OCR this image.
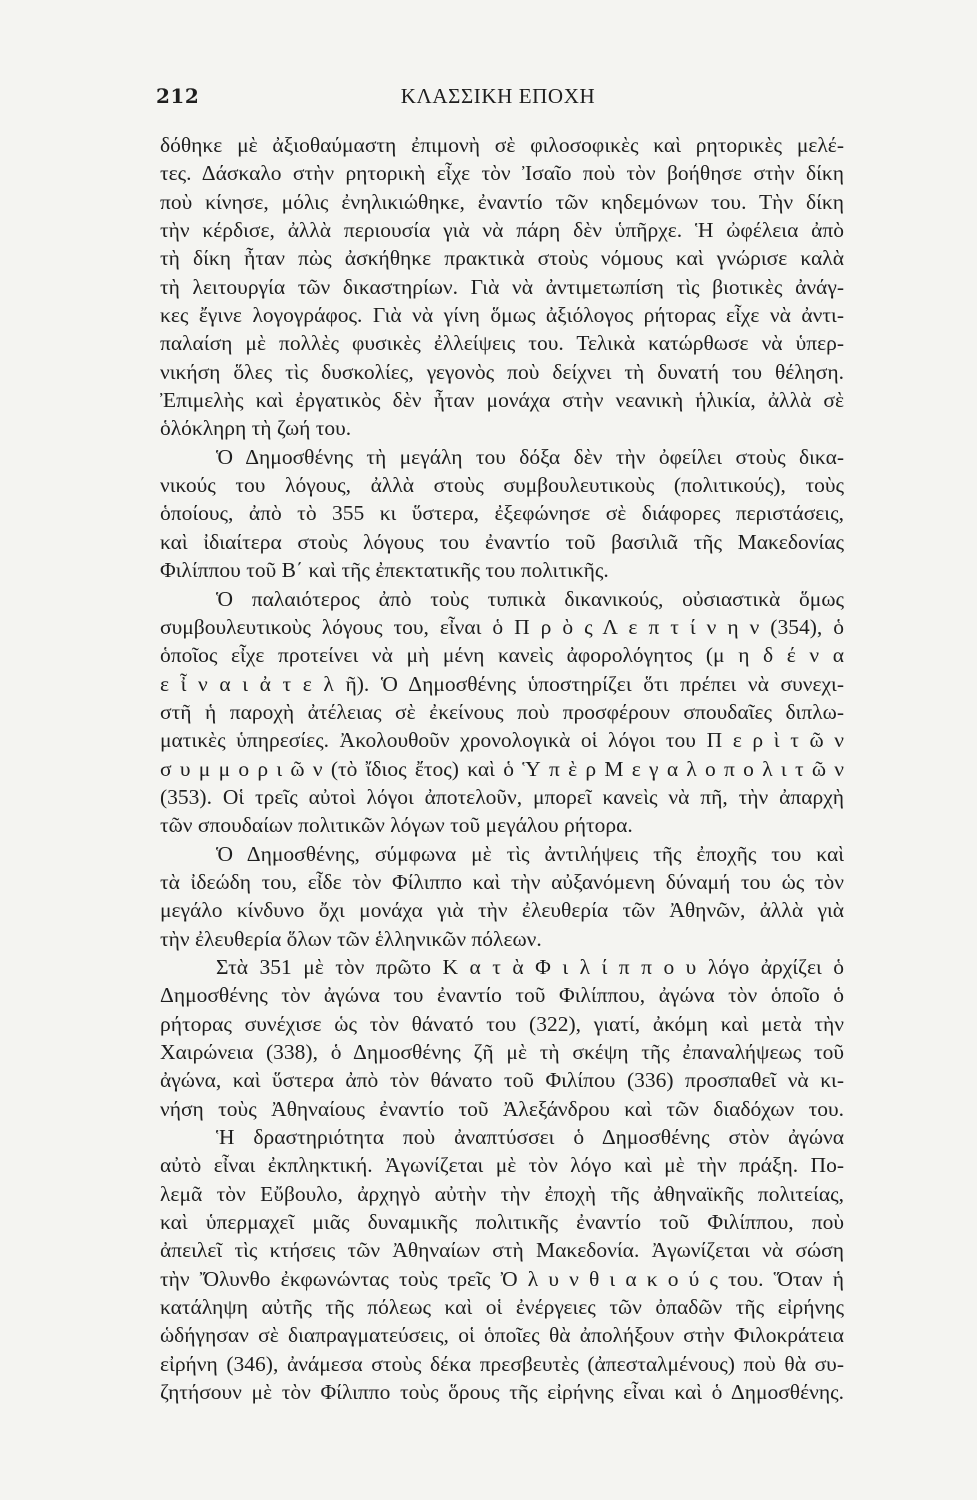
212	ΚΛΑΣΣΙΚΗ ΕΠΟΧΗ
δόθηκε μὲ ἀξιοθαύμαστη ἐπιμονὴ σὲ φιλοσοφικὲς καὶ ρητορικὲς μελέ-
τες. Δάσκαλο στὴν ρητορικὴ εἶχε τὸν Ἰσαῖο ποὺ τὸν βοήθησε στὴν δίκη
ποὺ κίνησε, μόλις ἐνηλικιώθηκε, ἐναντίο τῶν κηδεμόνων του. Τὴν δίκη
τὴν κέρδισε, ἀλλὰ περιουσία γιὰ νὰ πάρη δὲν ὑπῆρχε. Ἡ ὠφέλεια ἀπὸ
τὴ δίκη ἦταν πὼς ἀσκήθηκε πρακτικὰ στοὺς νόμους καὶ γνώρισε καλὰ
τὴ λειτουργία τῶν δικαστηρίων. Γιὰ νὰ ἀντιμετωπίση τὶς βιοτικὲς ἀνάγ-
κες ἔγινε λογογράφος. Γιὰ νὰ γίνη ὅμως ἀξιόλογος ρήτορας εἶχε νὰ ἀντι-
παλαίση μὲ πολλὲς φυσικὲς ἐλλείψεις του. Τελικὰ κατώρθωσε νὰ ὑπερ-
νικήση ὅλες τὶς δυσκολίες, γεγονὸς ποὺ δείχνει τὴ δυνατή του θέληση.
Ἐπιμελὴς καὶ ἐργατικὸς δὲν ἦταν μονάχα στὴν νεανικὴ ἡλικία, ἀλλὰ σὲ
ὁλόκληρη τὴ ζωή του.
Ὁ Δημοσθένης τὴ μεγάλη του δόξα δὲν τὴν ὀφείλει στοὺς δικα-
νικούς του λόγους, ἀλλὰ στοὺς συμβουλευτικοὺς (πολιτικούς), τοὺς
ὁποίους, ἀπὸ τὸ 355 κι ὕστερα, ἐξεφώνησε σὲ διάφορες περιστάσεις,
καὶ ἰδιαίτερα στοὺς λόγους του ἐναντίο τοῦ βασιλιᾶ τῆς Μακεδονίας
Φιλίππου τοῦ Β΄ καὶ τῆς ἐπεκτατικῆς του πολιτικῆς.
Ὁ παλαιότερος ἀπὸ τοὺς τυπικὰ δικανικούς, οὐσιαστικὰ ὅμως
συμβουλευτικοὺς λόγους του, εἶναι ὁ Π ρ ὸ ς Λ ε π τ ί ν η ν (354), ὁ
ὁποῖος εἶχε προτείνει νὰ μὴ μένη κανεὶς ἀφορολόγητος (μ η δ έ ν α
ε ἶ ν α ι ἀ τ ε λ ῆ). Ὁ Δημοσθένης ὑποστηρίζει ὅτι πρέπει νὰ συνεχι-
στῆ ἡ παροχὴ ἀτέλειας σὲ ἐκείνους ποὺ προσφέρουν σπουδαῖες διπλω-
ματικὲς ὑπηρεσίες. Ἀκολουθοῦν χρονολογικὰ οἱ λόγοι του Π ε ρ ὶ τ ῶ ν
σ υ μ μ ο ρ ι ῶ ν (τὸ ἴδιος ἔτος) καὶ ὁ Ὑ π ὲ ρ Μ ε γ α λ ο π ο λ ι τ ῶ ν
(353). Οἱ τρεῖς αὐτοὶ λόγοι ἀποτελοῦν, μπορεῖ κανεὶς νὰ πῆ, τὴν ἀπαρχὴ
τῶν σπουδαίων πολιτικῶν λόγων τοῦ μεγάλου ρήτορα.
Ὁ Δημοσθένης, σύμφωνα μὲ τὶς ἀντιλήψεις τῆς ἐποχῆς του καὶ
τὰ ἰδεώδη του, εἶδε τὸν Φίλιππο καὶ τὴν αὐξανόμενη δύναμή του ὡς τὸν
μεγάλο κίνδυνο ὄχι μονάχα γιὰ τὴν ἐλευθερία τῶν Ἀθηνῶν, ἀλλὰ γιὰ
τὴν ἐλευθερία ὅλων τῶν ἑλληνικῶν πόλεων.
Στὰ 351 μὲ τὸν πρῶτο Κ α τ ὰ Φ ι λ ί π π ο υ λόγο ἀρχίζει ὁ
Δημοσθένης τὸν ἀγώνα του ἐναντίο τοῦ Φιλίππου, ἀγώνα τὸν ὁποῖο ὁ
ρήτορας συνέχισε ὡς τὸν θάνατό του (322), γιατί, ἀκόμη καὶ μετὰ τὴν
Χαιρώνεια (338), ὁ Δημοσθένης ζῆ μὲ τὴ σκέψη τῆς ἐπαναλήψεως τοῦ
ἀγώνα, καὶ ὕστερα ἀπὸ τὸν θάνατο τοῦ Φιλίπου (336) προσπαθεῖ νὰ κι-
νήση τοὺς Ἀθηναίους ἐναντίο τοῦ Ἀλεξάνδρου καὶ τῶν διαδόχων του.
Ἡ δραστηριότητα ποὺ ἀναπτύσσει ὁ Δημοσθένης στὸν ἀγώνα
αὐτὸ εἶναι ἐκπληκτική. Ἀγωνίζεται μὲ τὸν λόγο καὶ μὲ τὴν πράξη. Πο-
λεμᾶ τὸν Εὔβουλο, ἀρχηγὸ αὐτὴν τὴν ἐποχὴ τῆς ἀθηναϊκῆς πολιτείας,
καὶ ὑπερμαχεῖ μιᾶς δυναμικῆς πολιτικῆς ἐναντίο τοῦ Φιλίππου, ποὺ
ἀπειλεῖ τὶς κτήσεις τῶν Ἀθηναίων στὴ Μακεδονία. Ἀγωνίζεται νὰ σώση
τὴν Ὄλυνθο ἐκφωνώντας τοὺς τρεῖς Ὀ λ υ ν θ ι α κ ο ύ ς του. Ὅταν ἡ
κατάληψη αὐτῆς τῆς πόλεως καὶ οἱ ἐνέργειες τῶν ὀπαδῶν τῆς εἰρήνης
ὡδήγησαν σὲ διαπραγματεύσεις, οἱ ὁποῖες θὰ ἀπολήξουν στὴν Φιλοκράτεια
εἰρήνη (346), ἀνάμεσα στοὺς δέκα πρεσβευτὲς (ἀπεσταλμένους) ποὺ θὰ συ-
ζητήσουν μὲ τὸν Φίλιππο τοὺς ὅρους τῆς εἰρήνης εἶναι καὶ ὁ Δημοσθένης.
